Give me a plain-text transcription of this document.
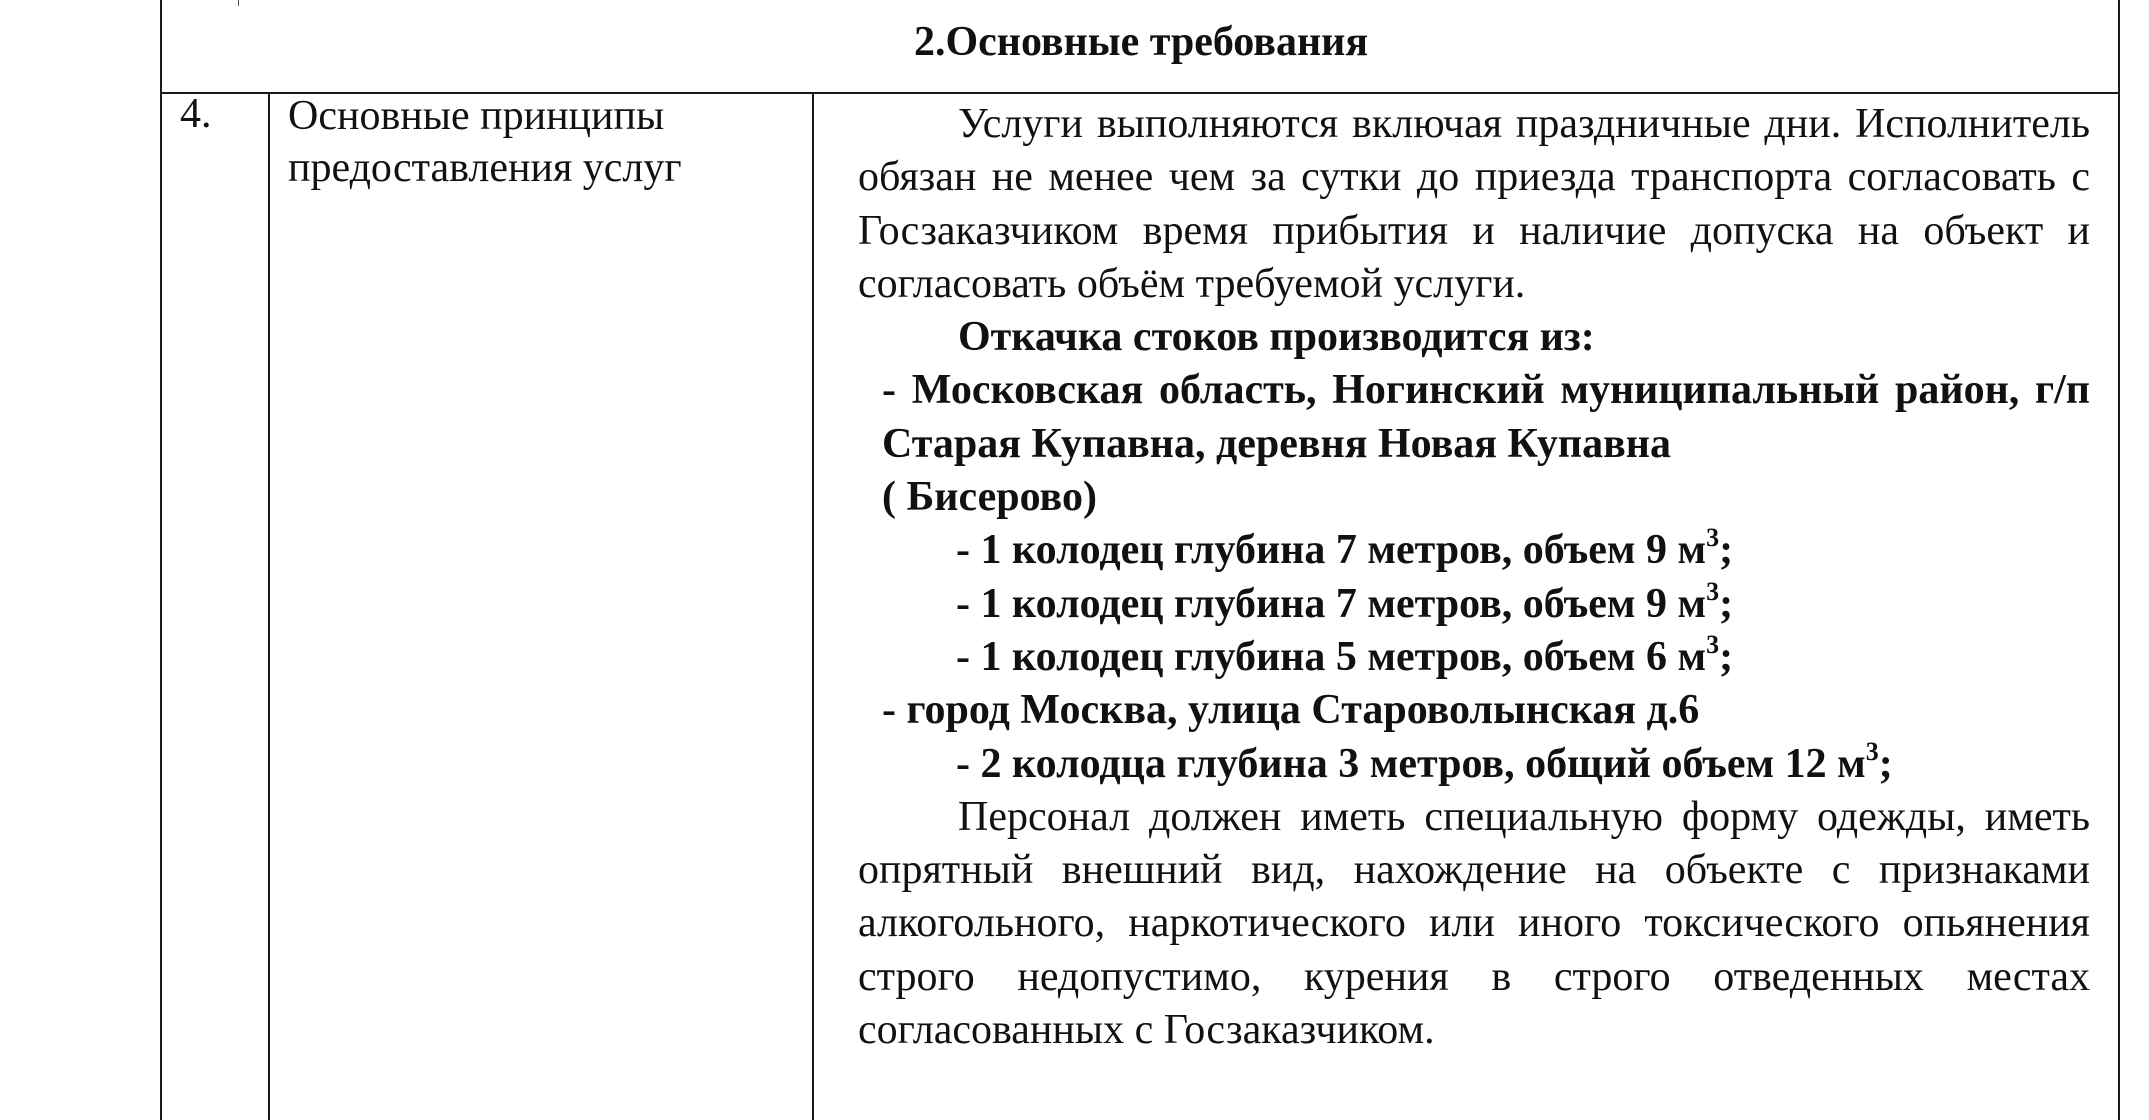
2.Основные требования
4. Основные принципы предоставления услуг

Услуги выполняются включая праздничные дни. Исполнитель обязан не менее чем за сутки до приезда транспорта согласовать с Госзаказчиком время прибытия и наличие допуска на объект и согласовать объём требуемой услуги.

Откачка стоков производится из:

- Московская область, Ногинский муниципальный район, г/п Старая Купавна, деревня Новая Купавна

( Бисерово)

- 1 колодец глубина 7 метров, объем 9 $м^3$;

- 1 колодец глубина 7 метров, объем 9 $м^3$;

- 1 колодец глубина 5 метров, объем 6 $м^3$;

- город Москва, улица Староволынская д.6

- 2 колодца глубина 3 метров, общий объем 12 $м^3$;

Персонал должен иметь специальную форму одежды, иметь опрятный внешний вид, нахождение на объекте с признаками алкогольного, наркотического или иного токсического опьянения строго недопустимо, курения в строго отведенных местах согласованных с Госзаказчиком.
